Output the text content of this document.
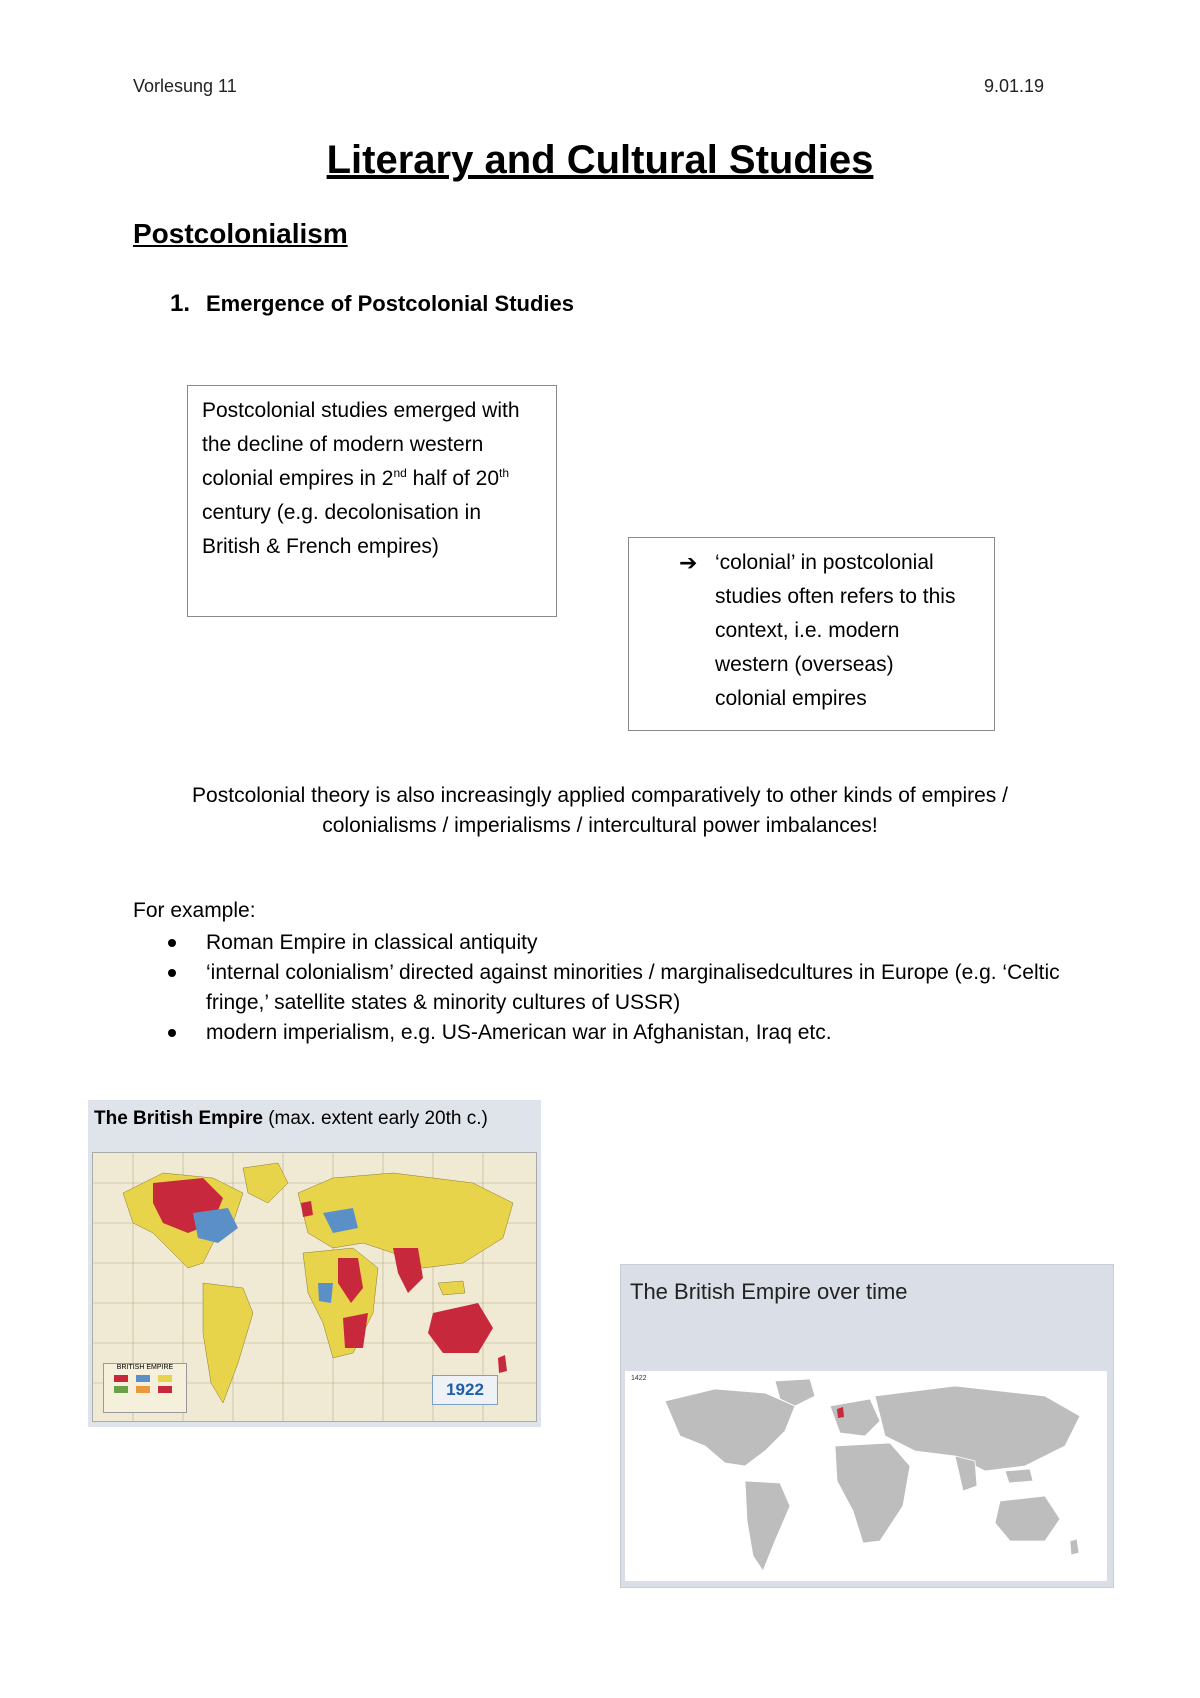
Vorlesung 11	9.01.19
Literary and Cultural Studies
Postcolonialism
1. Emergence of Postcolonial Studies
Postcolonial studies emerged with
the decline of modern western
colonial empires in 2nd half of 20th
century (e.g. decolonisation in
British & French empires)
➔ ‘colonial’ in postcolonial
studies often refers to this
context, i.e. modern
western (overseas)
colonial empires
Postcolonial theory is also increasingly applied comparatively to other kinds of empires /
colonialisms / imperialisms / intercultural power imbalances!
For example:
Roman Empire in classical antiquity
‘internal colonialism’ directed against minorities / marginalisedcultures in Europe (e.g. ‘Celtic fringe,’ satellite states & minority cultures of USSR)
modern imperialism, e.g. US-American war in Afghanistan, Iraq etc.
The British Empire (max. extent early 20th c.)
BRITISH EMPIRE
1922
The British Empire over time
1422
